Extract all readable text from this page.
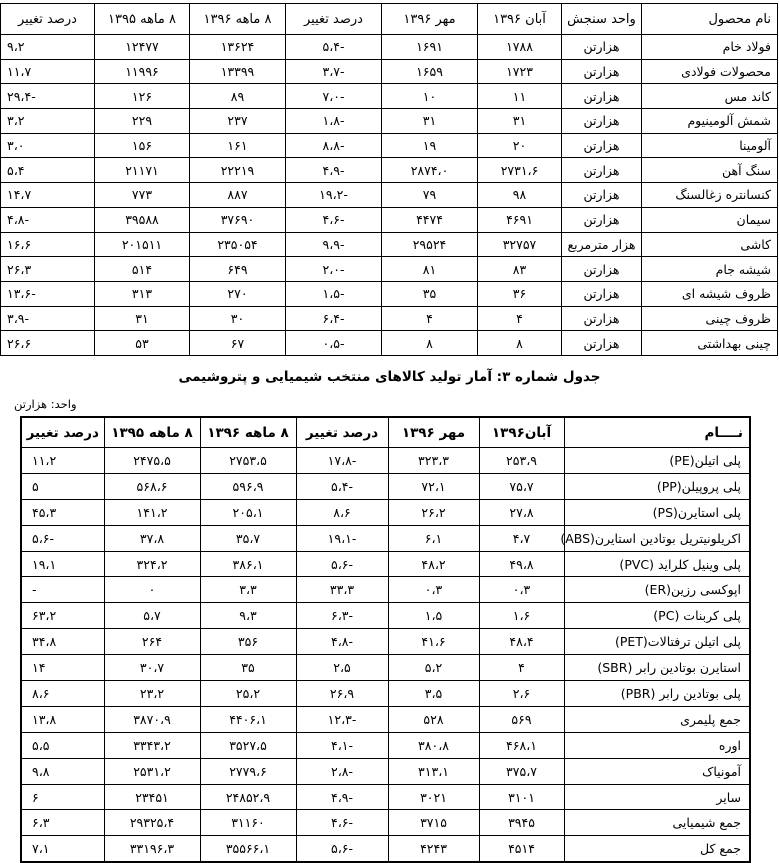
نام محصول	واحد سنجش	آبان ۱۳۹۶	مهر ۱۳۹۶	درصد تغییر	۸ ماهه ۱۳۹۶	۸ ماهه ۱۳۹۵	درصد تغییر
فولاد خام	هزارتن	۱۷۸۸	۱۶۹۱	-۵،۴	۱۳۶۲۴	۱۲۴۷۷	۹،۲
محصولات فولادی	هزارتن	۱۷۲۳	۱۶۵۹	-۳،۷	۱۳۳۹۹	۱۱۹۹۶	۱۱،۷
کاند مس	هزارتن	۱۱	۱۰	-۷،۰	۸۹	۱۲۶	-۲۹،۴
شمش آلومینیوم	هزارتن	۳۱	۳۱	-۱،۸	۲۳۷	۲۲۹	۳،۲
آلومینا	هزارتن	۲۰	۱۹	-۸،۸	۱۶۱	۱۵۶	۳،۰
سنگ آهن	هزارتن	۲۷۳۱،۶	۲۸۷۴،۰	-۴،۹	۲۲۲۱۹	۲۱۱۷۱	۵،۴
کنسانتره زغالسنگ	هزارتن	۹۸	۷۹	-۱۹،۲	۸۸۷	۷۷۳	۱۴،۷
سیمان	هزارتن	۴۶۹۱	۴۴۷۴	-۴،۶	۳۷۶۹۰	۳۹۵۸۸	-۴،۸
کاشی	هزار مترمربع	۳۲۷۵۷	۲۹۵۲۴	-۹،۹	۲۳۵۰۵۴	۲۰۱۵۱۱	۱۶،۶
شیشه جام	هزارتن	۸۳	۸۱	-۲،۰	۶۴۹	۵۱۴	۲۶،۳
ظروف شیشه ای	هزارتن	۳۶	۳۵	-۱،۵	۲۷۰	۳۱۳	-۱۳،۶
ظروف چینی	هزارتن	۴	۴	-۶،۴	۳۰	۳۱	-۳،۹
چینی بهداشتی	هزارتن	۸	۸	-۰،۵	۶۷	۵۳	۲۶،۶
جدول شماره ۳: آمار تولید کالاهای منتخب شیمیایی و پتروشیمی
واحد: هزارتن
نــــام	آبان۱۳۹۶	مهر ۱۳۹۶	درصد تغییر	۸ ماهه ۱۳۹۶	۸ ماهه ۱۳۹۵	درصد تغییر
پلی اتیلن(PE)	۲۵۳،۹	۳۲۳،۳	-۱۷،۸	۲۷۵۳،۵	۲۴۷۵،۵	۱۱،۲
پلی پروپیلن(PP)	۷۵،۷	۷۲،۱	-۵،۴	۵۹۶،۹	۵۶۸،۶	۵
پلی استایرن(PS)	۲۷،۸	۲۶،۲	۸،۶	۲۰۵،۱	۱۴۱،۲	۴۵،۳
اکریلونیتریل بوتادین استایرن(ABS)	۴،۷	۶،۱	-۱۹،۱	۳۵،۷	۳۷،۸	-۵،۶
پلی وینیل کلراید (PVC)	۴۹،۸	۴۸،۲	-۵،۶	۳۸۶،۱	۳۲۴،۲	۱۹،۱
اپوکسی رزین(ER)	۰،۳	۰،۳	۳۳،۳	۳،۳	۰	-
پلی کربنات (PC)	۱،۶	۱،۵	-۶،۳	۹،۳	۵،۷	۶۳،۲
پلی اتیلن ترفتالات(PET)	۴۸،۴	۴۱،۶	-۴،۸	۳۵۶	۲۶۴	۳۴،۸
استایرن بوتادین رابر (SBR)	۴	۵،۲	۲،۵	۳۵	۳۰،۷	۱۴
پلی بوتادین رابر (PBR)	۲،۶	۳،۵	۲۶،۹	۲۵،۲	۲۳،۲	۸،۶
جمع پلیمری	۵۶۹	۵۲۸	-۱۲،۳	۴۴۰۶،۱	۳۸۷۰،۹	۱۳،۸
اوره	۴۶۸،۱	۳۸۰،۸	-۴،۱	۳۵۲۷،۵	۳۳۴۳،۲	۵،۵
آمونیاک	۳۷۵،۷	۳۱۳،۱	-۲،۸	۲۷۷۹،۶	۲۵۳۱،۲	۹،۸
سایر	۳۱۰۱	۳۰۲۱	-۴،۹	۲۴۸۵۲،۹	۲۳۴۵۱	۶
جمع شیمیایی	۳۹۴۵	۳۷۱۵	-۴،۶	۳۱۱۶۰	۲۹۳۲۵،۴	۶،۳
جمع کل	۴۵۱۴	۴۲۴۳	-۵،۶	۳۵۵۶۶،۱	۳۳۱۹۶،۳	۷،۱
